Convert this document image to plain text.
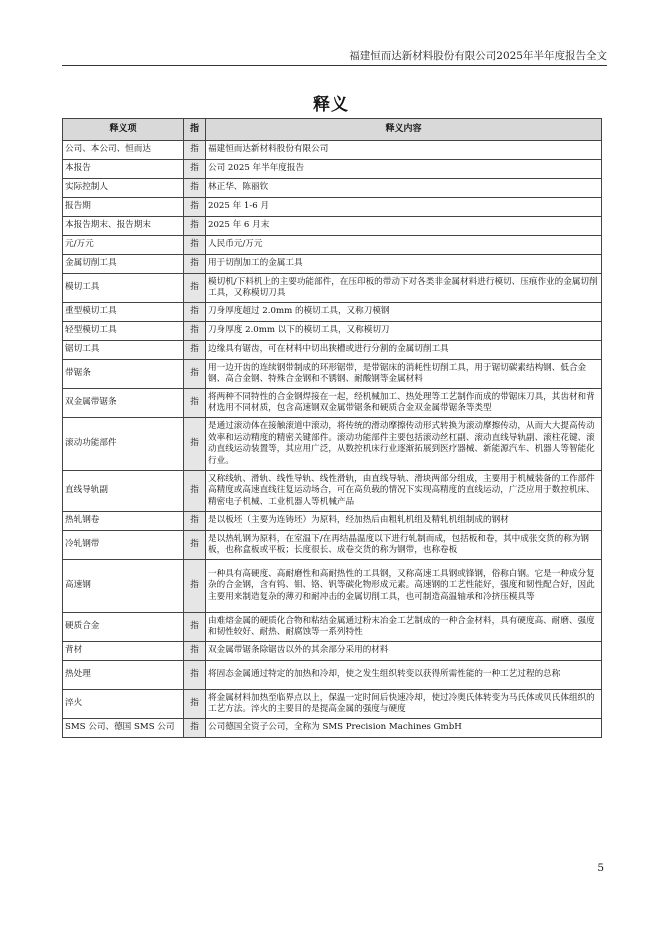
福建恒而达新材料股份有限公司2025年半年度报告全文
释义
释义项	指	释义内容
公司、本公司、恒而达	指	福建恒而达新材料股份有限公司
本报告	指	公司 2025 年半年度报告
实际控制人	指	林正华、陈丽钦
报告期	指	2025 年 1-6 月
本报告期末、报告期末	指	2025 年 6 月末
元/万元	指	人民币元/万元
金属切削工具	指	用于切削加工的金属工具
模切工具	指	模切机/下料机上的主要功能部件，在压印板的带动下对各类非金属材料进行模切、压痕作业的金属切削工具，又称模切刀具
重型模切工具	指	刀身厚度超过 2.0mm 的模切工具，又称刀模钢
轻型模切工具	指	刀身厚度 2.0mm 以下的模切工具，又称模切刀
锯切工具	指	边缘具有锯齿，可在材料中切出狭槽或进行分割的金属切削工具
带锯条	指	用一边开齿的连续钢带制成的环形锯带，是带锯床的消耗性切削工具，用于锯切碳素结构钢、低合金钢、高合金钢、特殊合金钢和不锈钢、耐酸钢等金属材料
双金属带锯条	指	将两种不同特性的合金钢焊接在一起，经机械加工、热处理等工艺制作而成的带锯床刀具，其齿材和背材选用不同材质，包含高速钢双金属带锯条和硬质合金双金属带锯条等类型
滚动功能部件	指	是通过滚动体在接触滚道中滚动，将传统的滑动摩擦传动形式转换为滚动摩擦传动，从而大大提高传动效率和运动精度的精密关键部件。滚动功能部件主要包括滚动丝杠副、滚动直线导轨副、滚柱花键、滚动直线运动装置等，其应用广泛，从数控机床行业逐渐拓展到医疗器械、新能源汽车、机器人等智能化行业。
直线导轨副	指	又称线轨、滑轨、线性导轨、线性滑轨，由直线导轨、滑块两部分组成，主要用于机械装备的工作部件高精度或高速直线往复运动场合，可在高负载的情况下实现高精度的直线运动，广泛应用于数控机床、精密电子机械、工业机器人等机械产品
热轧钢卷	指	是以板坯（主要为连铸坯）为原料，经加热后由粗轧机组及精轧机组制成的钢材
冷轧钢带	指	是以热轧钢为原料，在室温下/在再结晶温度以下进行轧制而成，包括板和卷，其中成张交货的称为钢板，也称盒板或平板；长度很长、成卷交货的称为钢带，也称卷板
高速钢	指	一种具有高硬度、高耐磨性和高耐热性的工具钢，又称高速工具钢或锋钢，俗称白钢。它是一种成分复杂的合金钢，含有钨、钼、铬、钒等碳化物形成元素。高速钢的工艺性能好，强度和韧性配合好，因此主要用来制造复杂的薄刃和耐冲击的金属切削工具，也可制造高温轴承和冷挤压模具等
硬质合金	指	由难熔金属的硬质化合物和粘结金属通过粉末冶金工艺制成的一种合金材料，具有硬度高、耐磨、强度和韧性较好、耐热、耐腐蚀等一系列特性
背材	指	双金属带锯条除锯齿以外的其余部分采用的材料
热处理	指	将固态金属通过特定的加热和冷却，使之发生组织转变以获得所需性能的一种工艺过程的总称
淬火	指	将金属材料加热至临界点以上，保温一定时间后快速冷却，使过冷奥氏体转变为马氏体或贝氏体组织的工艺方法。淬火的主要目的是提高金属的强度与硬度
SMS 公司、德国 SMS 公司	指	公司德国全资子公司，全称为 SMS Precision Machines GmbH
5
